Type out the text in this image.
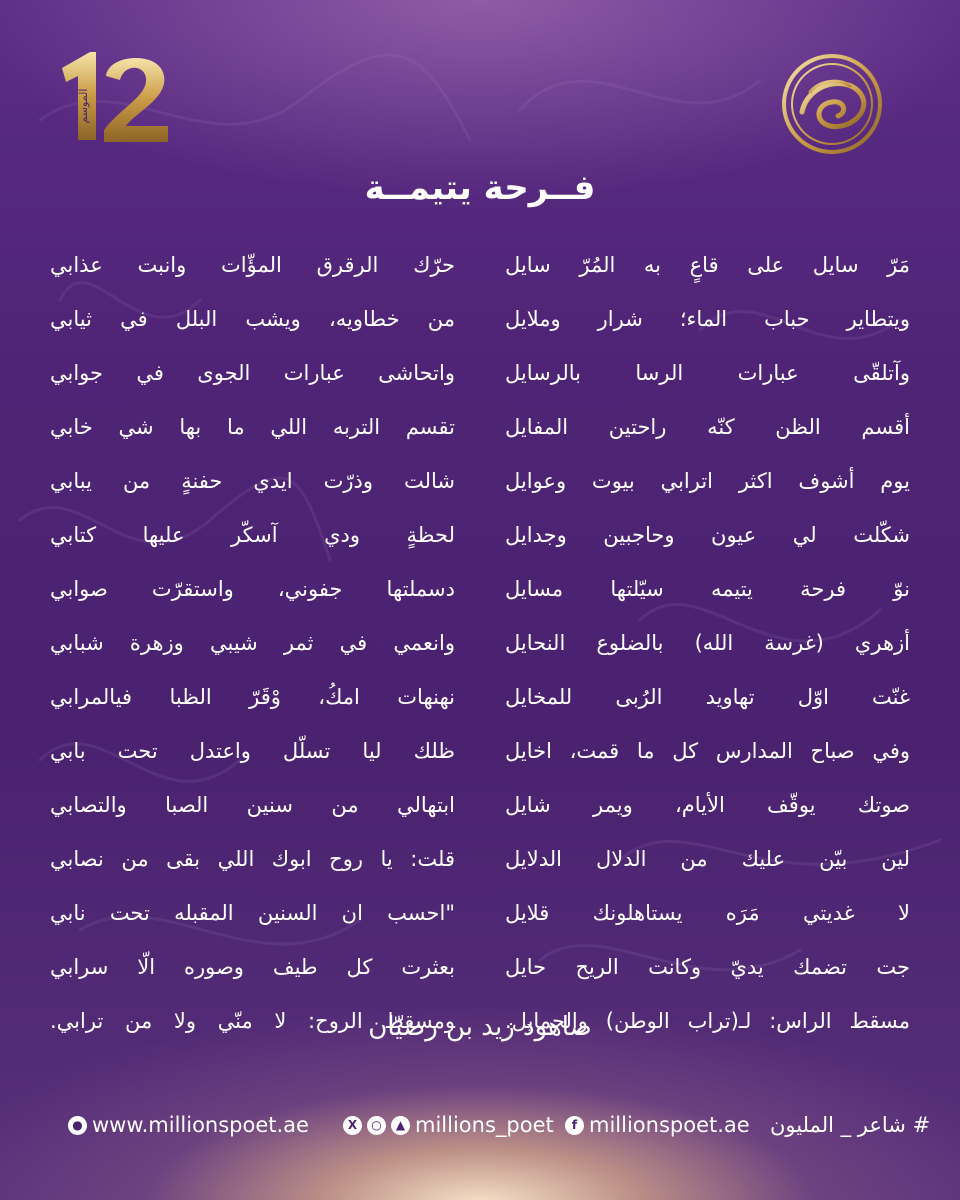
الموسم
فــرحة يتيمــة
مَرّ سايل على قاعٍ به المُرّ سايل
ويتطاير حباب الماء؛ شرار وملايل
وآتلقّى عبارات الرسا بالرسايل
أقسم الظن كنّه راحتين المفايل
يوم أشوف اكثر اترابي بيوت وعوايل
شكّلت لي عيون وحاجبين وجدايل
نوّ فرحة يتيمه سيّلتها مسايل
أزهري (غرسة الله) بالضلوع النحايل
غنّت اوّل تهاويد الرُبى للمخايل
وفي صباح المدارس كل ما قمت، اخايل
صوتك يوقّف الأيام، ويمر شايل
لين بيّن عليك من الدلال الدلايل
لا غديتي مَرَه يستاهلونك قلايل
جت تضمك يديّ وكانت الريح حايل
مسقط الراس: لـ(تراب الوطن) والحمايل.
حرّك الرقرق المؤّات وانبت عذابي
من خطاويه، ويشب البلل في ثيابي
واتحاشى عبارات الجوى في جوابي
تقسم التربه اللي ما بها شي خابي
شالت وذرّت ايدي حفنةٍ من يبابي
لحظةٍ ودي آسكّر عليها كتابي
دسملتها جفوني، واستقرّت صوابي
وانعمي في ثمر شيبي وزهرة شبابي
نهنهات امكُ، وْقَرّ الظبا فيالمرابي
ظلك ليا تسلّل واعتدل تحت بابي
ابتهالي من سنين الصبا والتصابي
قلت: يا روح ابوك اللي بقى من نصابي
"احسب ان السنين المقبله تحت نابي
بعثرت كل طيف وصوره الّا سرابي
ومسقط الروح: لا منّي ولا من ترابي.
صاهود زيد بن رضيّان
● www.millionspoet.ae	X	○	▲ millions_poet	f millionspoet.ae # شاعر _ المليون
